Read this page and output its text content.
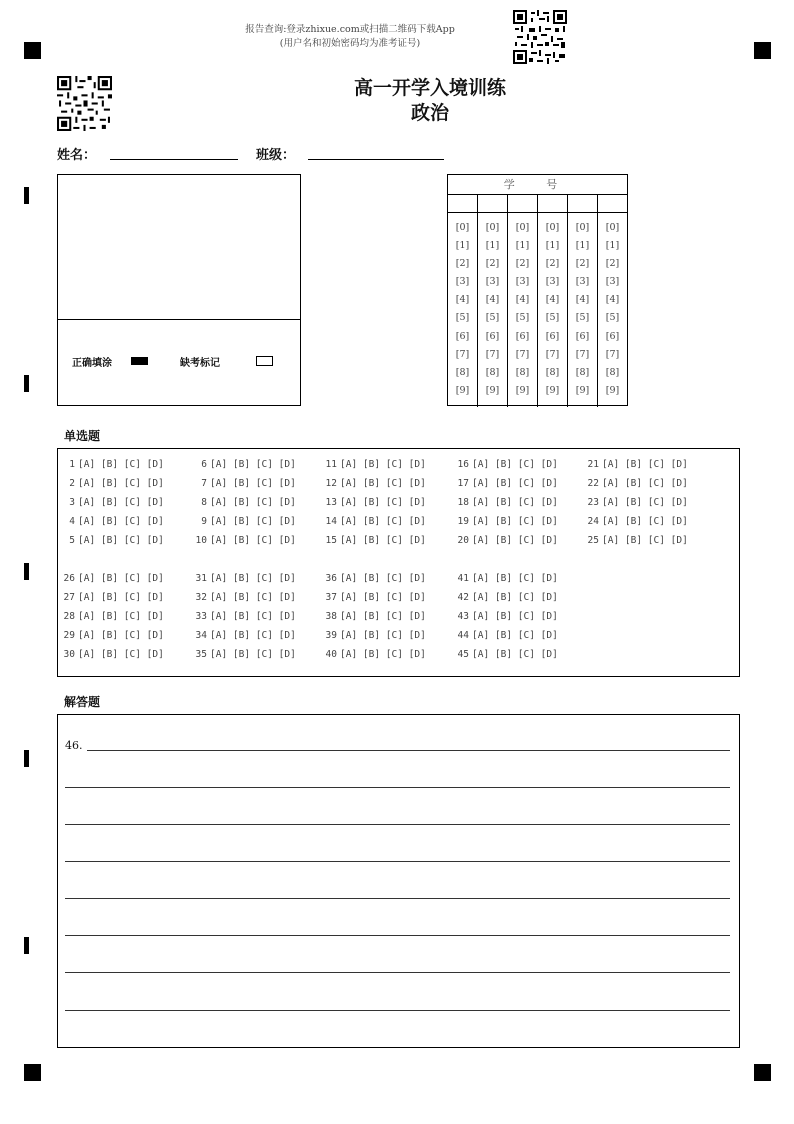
报告查询:登录zhixue.com或扫描二维码下载App
(用户名和初始密码均为准考证号)
高一开学入境训练
政治
姓名：	班级：
正确填涂	缺考标记
学 号
[0]
[1]
[2]
[3]
[4]
[5]
[6]
[7]
[8]
[9]
[0]
[1]
[2]
[3]
[4]
[5]
[6]
[7]
[8]
[9]
[0]
[1]
[2]
[3]
[4]
[5]
[6]
[7]
[8]
[9]
[0]
[1]
[2]
[3]
[4]
[5]
[6]
[7]
[8]
[9]
[0]
[1]
[2]
[3]
[4]
[5]
[6]
[7]
[8]
[9]
[0]
[1]
[2]
[3]
[4]
[5]
[6]
[7]
[8]
[9]
单选题
1 [A] [B] [C] [D]
2 [A] [B] [C] [D]
3 [A] [B] [C] [D]
4 [A] [B] [C] [D]
5 [A] [B] [C] [D]
6 [A] [B] [C] [D]
7 [A] [B] [C] [D]
8 [A] [B] [C] [D]
9 [A] [B] [C] [D]
10 [A] [B] [C] [D]
11 [A] [B] [C] [D]
12 [A] [B] [C] [D]
13 [A] [B] [C] [D]
14 [A] [B] [C] [D]
15 [A] [B] [C] [D]
16 [A] [B] [C] [D]
17 [A] [B] [C] [D]
18 [A] [B] [C] [D]
19 [A] [B] [C] [D]
20 [A] [B] [C] [D]
21 [A] [B] [C] [D]
22 [A] [B] [C] [D]
23 [A] [B] [C] [D]
24 [A] [B] [C] [D]
25 [A] [B] [C] [D]
26 [A] [B] [C] [D]
27 [A] [B] [C] [D]
28 [A] [B] [C] [D]
29 [A] [B] [C] [D]
30 [A] [B] [C] [D]
31 [A] [B] [C] [D]
32 [A] [B] [C] [D]
33 [A] [B] [C] [D]
34 [A] [B] [C] [D]
35 [A] [B] [C] [D]
36 [A] [B] [C] [D]
37 [A] [B] [C] [D]
38 [A] [B] [C] [D]
39 [A] [B] [C] [D]
40 [A] [B] [C] [D]
41 [A] [B] [C] [D]
42 [A] [B] [C] [D]
43 [A] [B] [C] [D]
44 [A] [B] [C] [D]
45 [A] [B] [C] [D]
解答题
46.
